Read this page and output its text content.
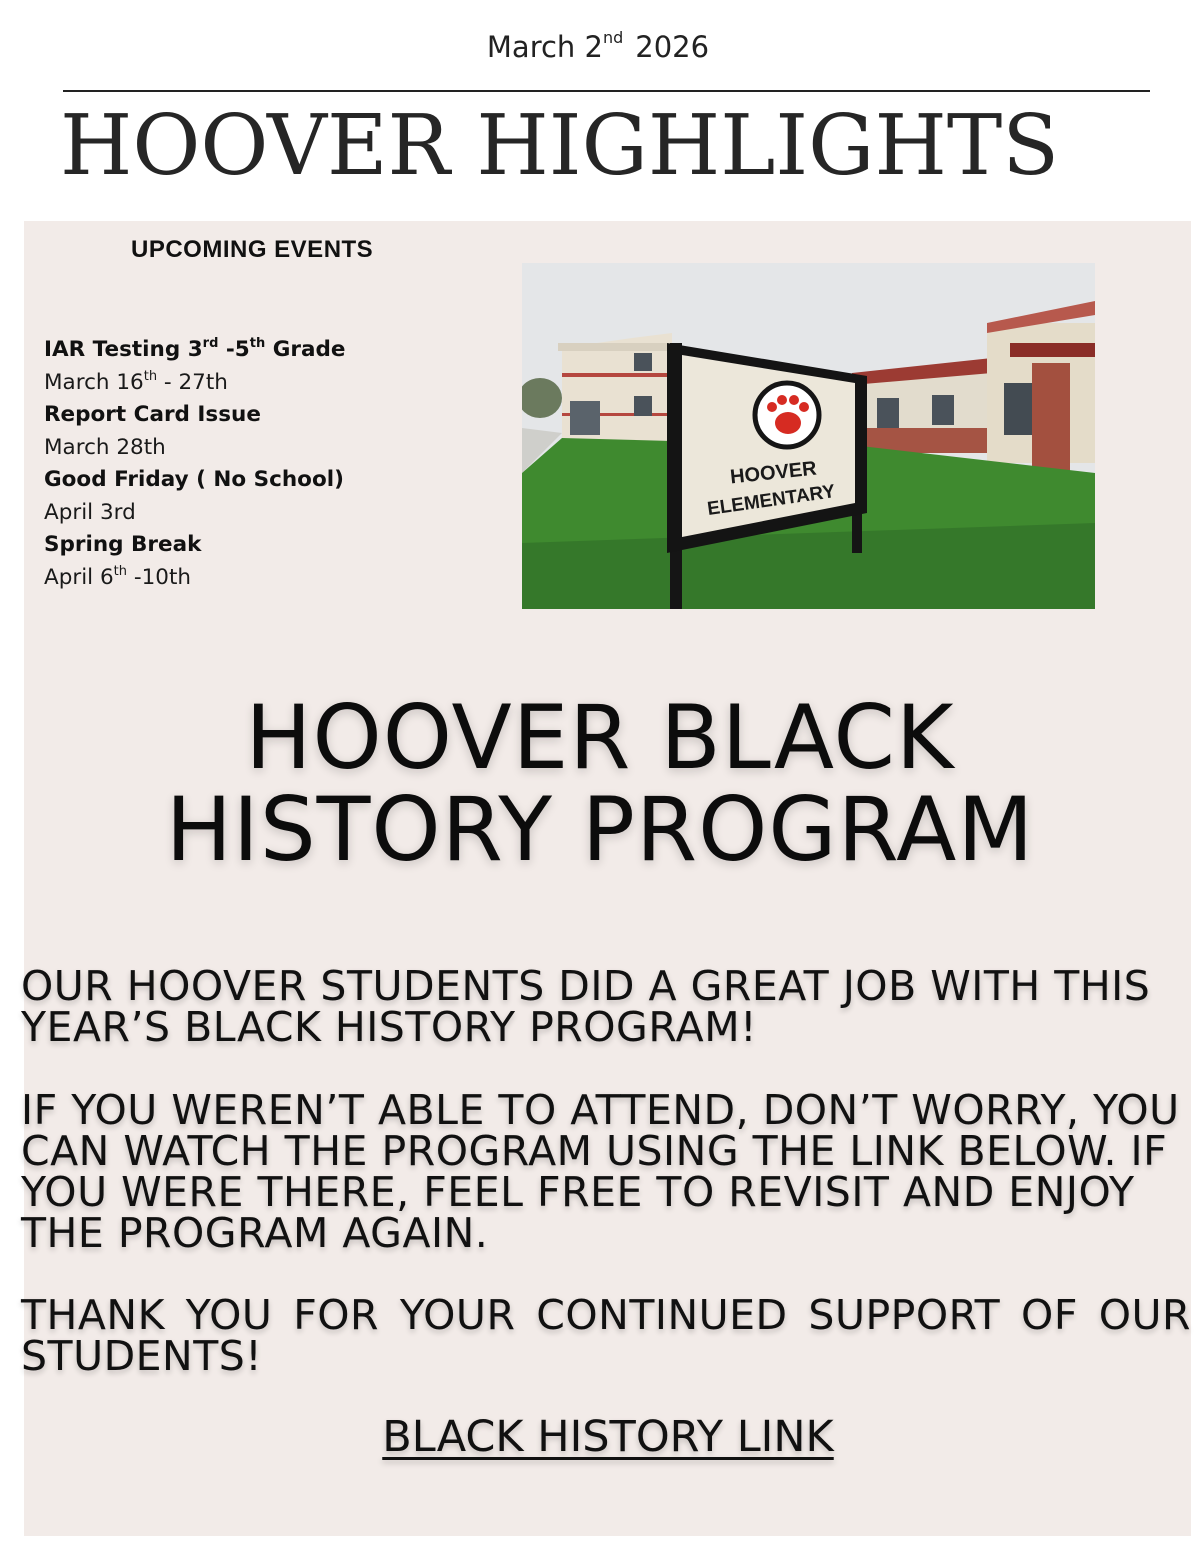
March 2nd 2026
HOOVER HIGHLIGHTS
UPCOMING EVENTS
IAR Testing 3rd -5th Grade
March 16th - 27th
Report Card Issue
March 28th
Good Friday ( No School)
April 3rd
Spring Break
April 6th -10th
HOOVER
ELEMENTARY
HOOVER BLACK
HISTORY PROGRAM
OUR HOOVER STUDENTS DID A GREAT JOB WITH THIS YEAR’S BLACK HISTORY PROGRAM!
IF YOU WEREN’T ABLE TO ATTEND, DON’T WORRY, YOU CAN WATCH THE PROGRAM USING THE LINK BELOW. IF YOU WERE THERE, FEEL FREE TO REVISIT AND ENJOY THE PROGRAM AGAIN.
THANK YOU FOR YOUR CONTINUED SUPPORT OF OUR STUDENTS!
BLACK HISTORY LINK
